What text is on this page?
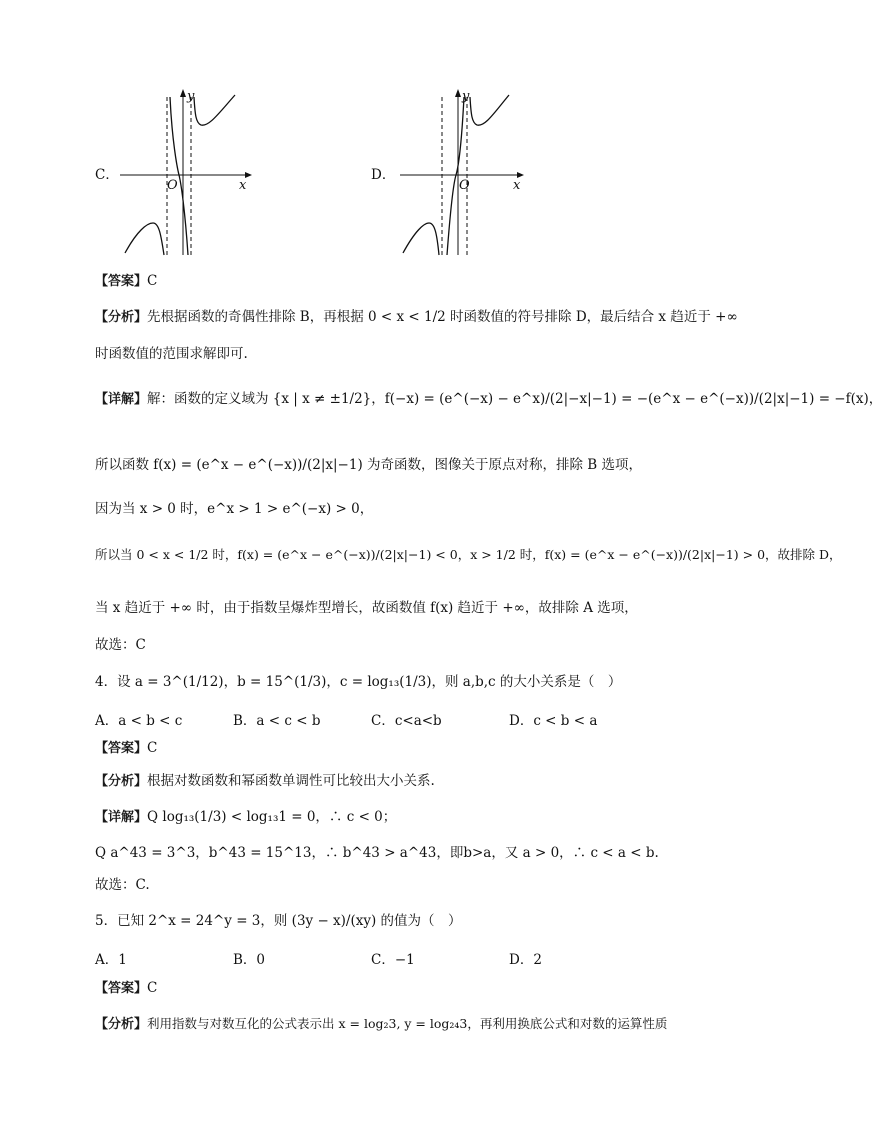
C．
y
x
O
D．
y
x
O
【答案】C
【分析】先根据函数的奇偶性排除 B，再根据 0 < x < 1/2 时函数值的符号排除 D，最后结合 x 趋近于 +∞
时函数值的范围求解即可.
【详解】解：函数的定义域为 {x | x ≠ ±1/2}，f(−x) = (e^(−x) − e^x)/(2|−x|−1) = −(e^x − e^(−x))/(2|x|−1) = −f(x)，
所以函数 f(x) = (e^x − e^(−x))/(2|x|−1) 为奇函数，图像关于原点对称，排除 B 选项，
因为当 x > 0 时，e^x > 1 > e^(−x) > 0，
所以当 0 < x < 1/2 时，f(x) = (e^x − e^(−x))/(2|x|−1) < 0，x > 1/2 时，f(x) = (e^x − e^(−x))/(2|x|−1) > 0，故排除 D，
当 x 趋近于 +∞ 时，由于指数呈爆炸型增长，故函数值 f(x) 趋近于 +∞，故排除 A 选项，
故选：C
4．设 a = 3^(1/12)，b = 15^(1/3)，c = log₁₃(1/3)，则 a,b,c 的大小关系是（　）
A．a < b < c	B．a < c < b	C．c<a<b	D．c < b < a
【答案】C
【分析】根据对数函数和幂函数单调性可比较出大小关系.
【详解】Q log₁₃(1/3) < log₁₃1 = 0，∴ c < 0；
Q a^43 = 3^3，b^43 = 15^13，∴ b^43 > a^43，即b>a，又 a > 0，∴ c < a < b.
故选：C.
5．已知 2^x = 24^y = 3，则 (3y − x)/(xy) 的值为（　）
A．1	B．0	C．−1	D．2
【答案】C
【分析】利用指数与对数互化的公式表示出 x = log₂3, y = log₂₄3，再利用换底公式和对数的运算性质
